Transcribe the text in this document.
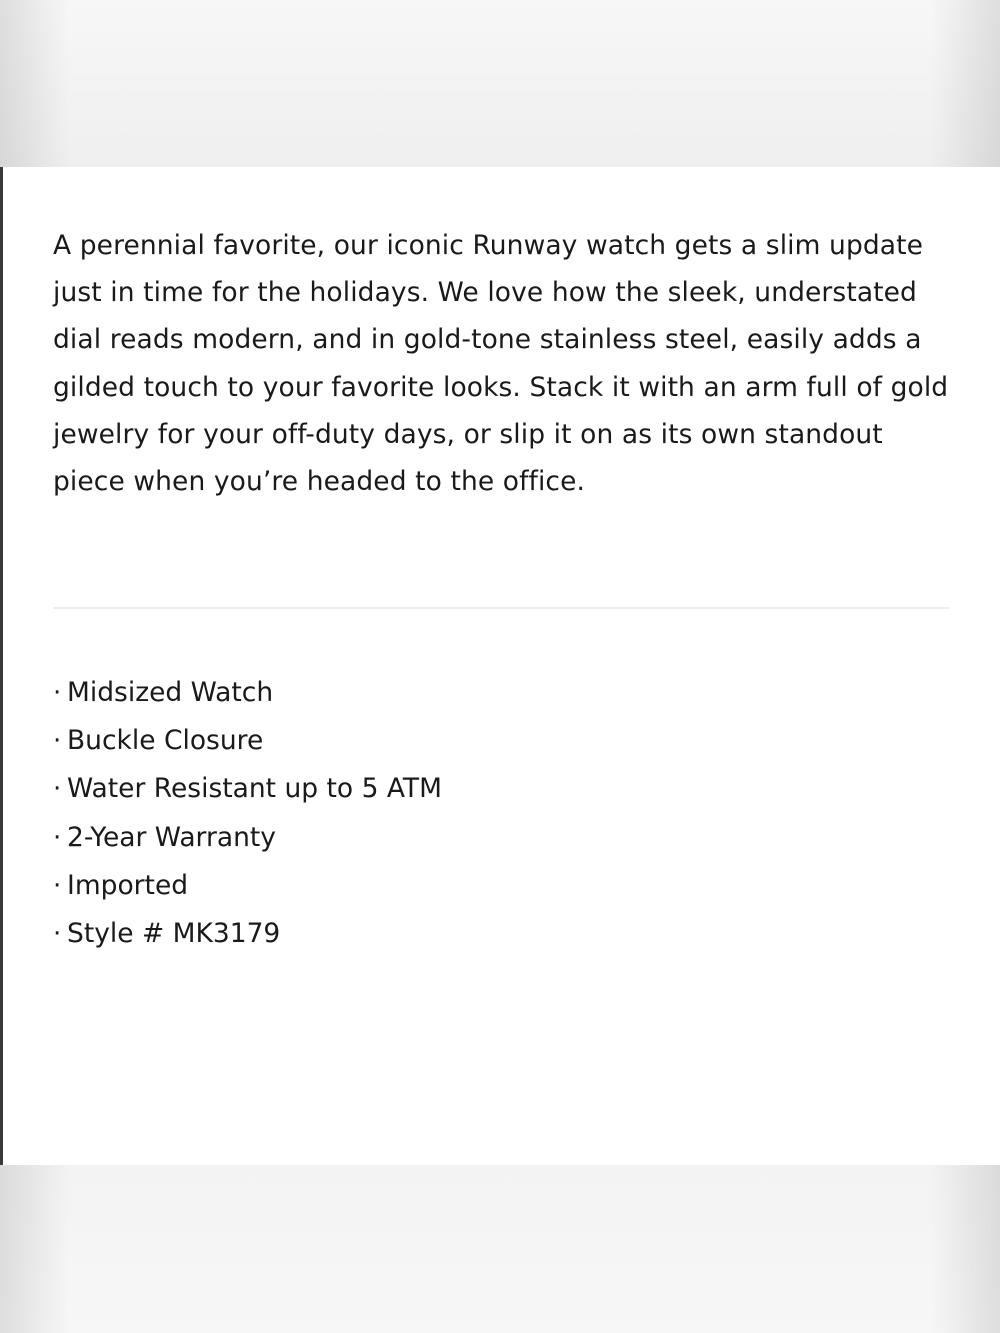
A perennial favorite, our iconic Runway watch gets a slim update just in time for the holidays. We love how the sleek, understated dial reads modern, and in gold-tone stainless steel, easily adds a gilded touch to your favorite looks. Stack it with an arm full of gold jewelry for your off-duty days, or slip it on as its own standout piece when you’re headed to the office.

· Midsized Watch
· Buckle Closure
· Water Resistant up to 5 ATM
· 2-Year Warranty
· Imported
· Style # MK3179
